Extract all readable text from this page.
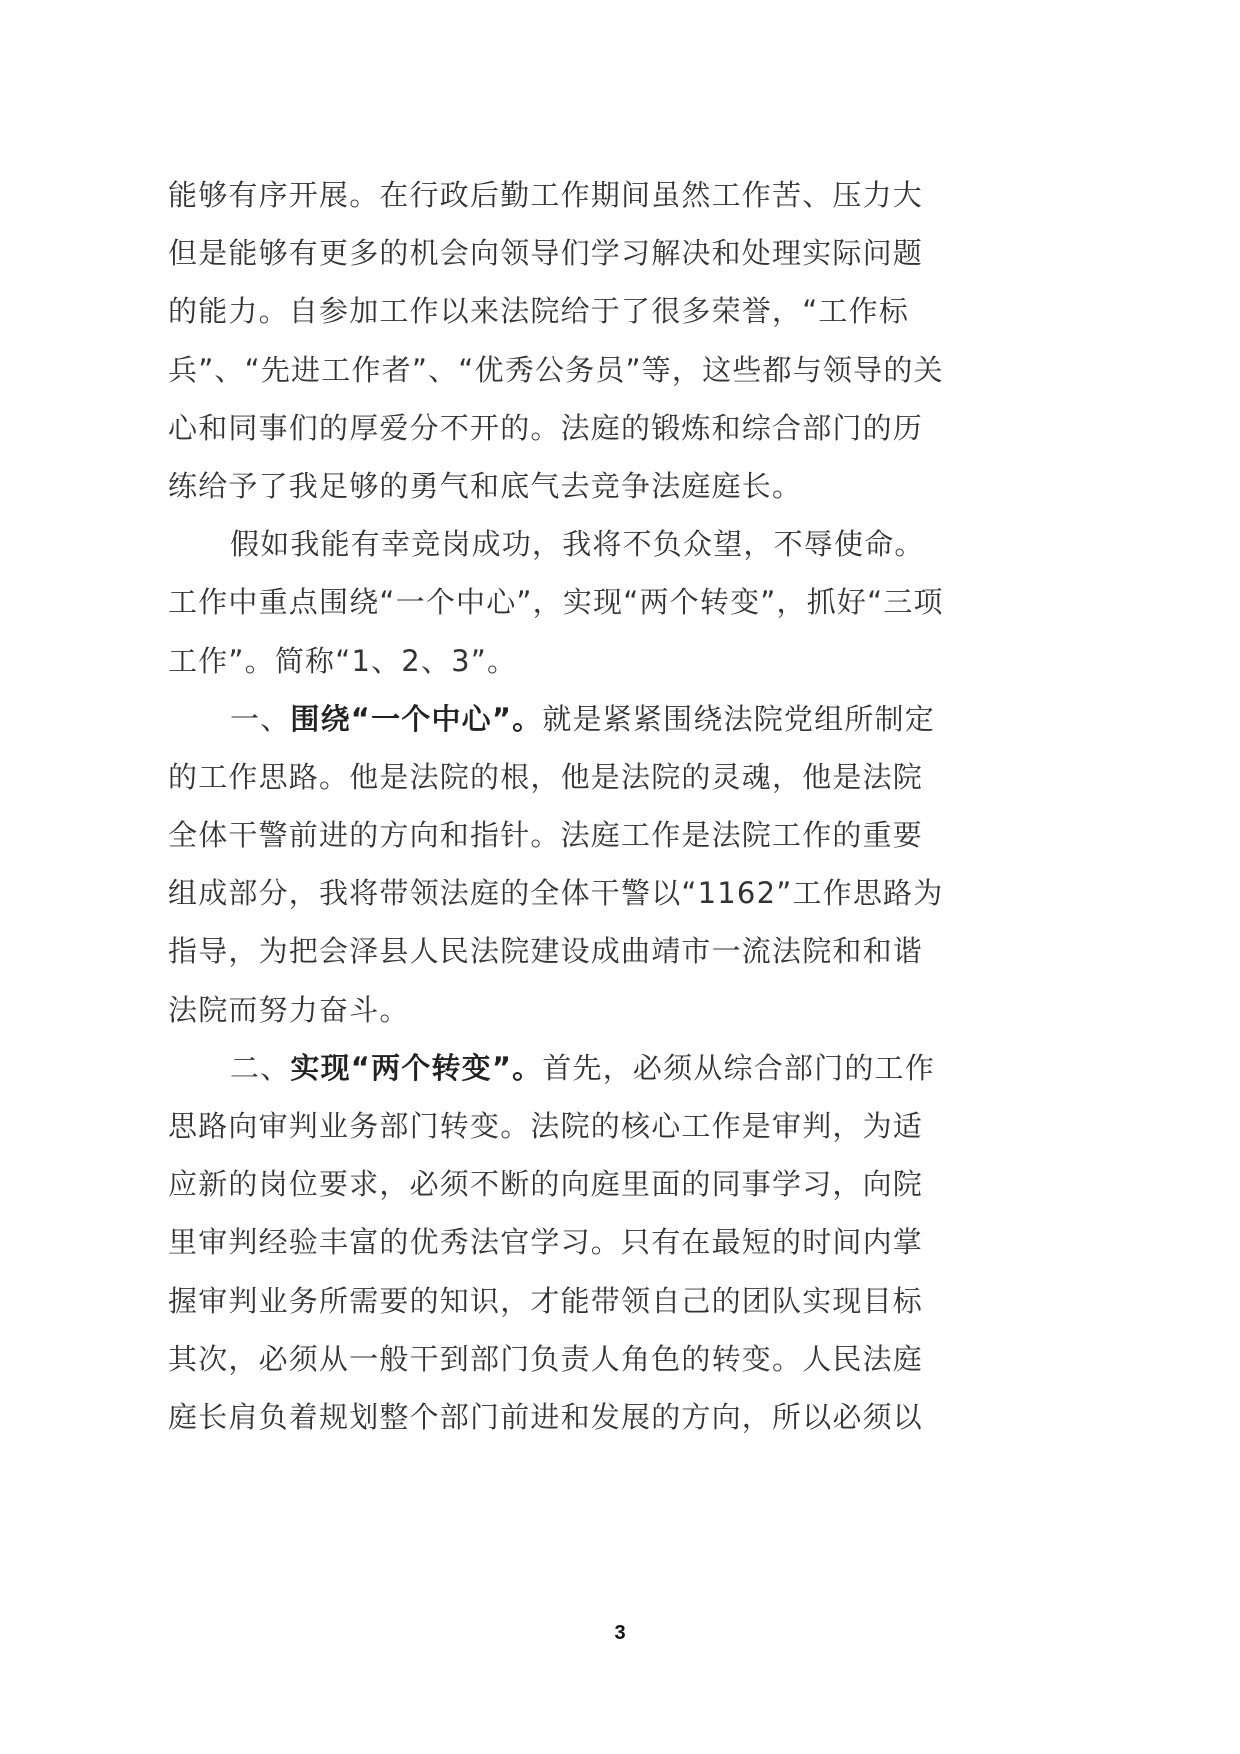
能够有序开展。在行政后勤工作期间虽然工作苦、压力大
但是能够有更多的机会向领导们学习解决和处理实际问题
的能力。自参加工作以来法院给于了很多荣誉，“工作标
兵”、“先进工作者”、“优秀公务员”等，这些都与领导的关
心和同事们的厚爱分不开的。法庭的锻炼和综合部门的历
练给予了我足够的勇气和底气去竞争法庭庭长。
假如我能有幸竞岗成功，我将不负众望，不辱使命。
工作中重点围绕“一个中心”，实现“两个转变”，抓好“三项
工作”。简称“1、2、3”。
一、围绕“一个中心”。就是紧紧围绕法院党组所制定
的工作思路。他是法院的根，他是法院的灵魂，他是法院
全体干警前进的方向和指针。法庭工作是法院工作的重要
组成部分，我将带领法庭的全体干警以“1162”工作思路为
指导，为把会泽县人民法院建设成曲靖市一流法院和和谐
法院而努力奋斗。
二、实现“两个转变”。首先，必须从综合部门的工作
思路向审判业务部门转变。法院的核心工作是审判，为适
应新的岗位要求，必须不断的向庭里面的同事学习，向院
里审判经验丰富的优秀法官学习。只有在最短的时间内掌
握审判业务所需要的知识，才能带领自己的团队实现目标
其次，必须从一般干到部门负责人角色的转变。人民法庭
庭长肩负着规划整个部门前进和发展的方向，所以必须以
3
